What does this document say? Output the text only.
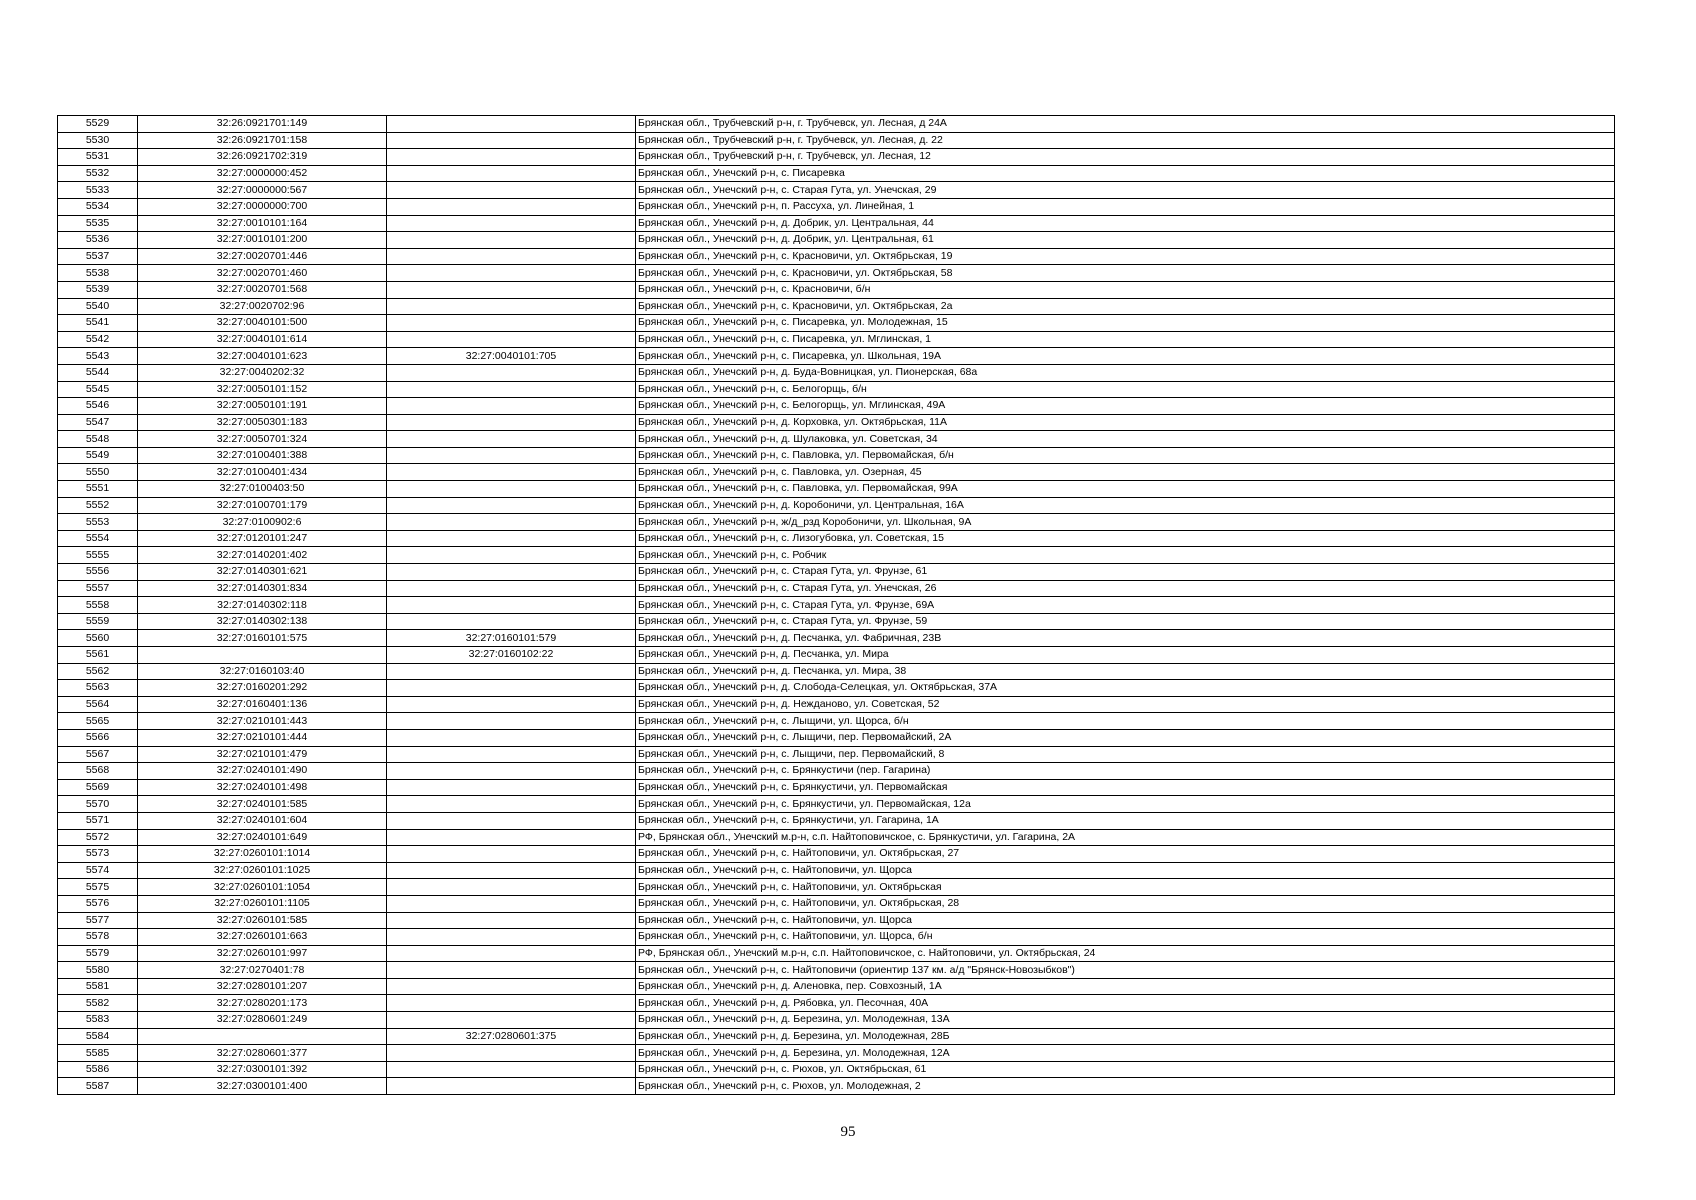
5529	32:26:0921701:149		Брянская обл., Трубчевский р-н, г. Трубчевск, ул. Лесная, д 24А
5530	32:26:0921701:158		Брянская обл., Трубчевский р-н, г. Трубчевск, ул. Лесная, д. 22
5531	32:26:0921702:319		Брянская обл., Трубчевский р-н, г. Трубчевск, ул. Лесная, 12
5532	32:27:0000000:452		Брянская обл., Унечский р-н, с. Писаревка
5533	32:27:0000000:567		Брянская обл., Унечский р-н, с. Старая Гута, ул. Унечская, 29
5534	32:27:0000000:700		Брянская обл., Унечский р-н, п. Рассуха, ул. Линейная, 1
5535	32:27:0010101:164		Брянская обл., Унечский р-н, д. Добрик, ул. Центральная, 44
5536	32:27:0010101:200		Брянская обл., Унечский р-н, д. Добрик, ул. Центральная, 61
5537	32:27:0020701:446		Брянская обл., Унечский р-н, с. Красновичи, ул. Октябрьская, 19
5538	32:27:0020701:460		Брянская обл., Унечский р-н, с. Красновичи, ул. Октябрьская, 58
5539	32:27:0020701:568		Брянская обл., Унечский р-н, с. Красновичи, б/н
5540	32:27:0020702:96		Брянская обл., Унечский р-н, с. Красновичи, ул. Октябрьская, 2а
5541	32:27:0040101:500		Брянская обл., Унечский р-н, с. Писаревка, ул. Молодежная, 15
5542	32:27:0040101:614		Брянская обл., Унечский р-н, с. Писаревка, ул. Мглинская, 1
5543	32:27:0040101:623	32:27:0040101:705	Брянская обл., Унечский р-н, с. Писаревка, ул. Школьная, 19А
5544	32:27:0040202:32		Брянская обл., Унечский р-н, д. Буда-Вовницкая, ул. Пионерская, 68а
5545	32:27:0050101:152		Брянская обл., Унечский р-н, с. Белогорщь, б/н
5546	32:27:0050101:191		Брянская обл., Унечский р-н, с. Белогорщь, ул. Мглинская, 49А
5547	32:27:0050301:183		Брянская обл., Унечский р-н, д. Корховка, ул. Октябрьская, 11А
5548	32:27:0050701:324		Брянская обл., Унечский р-н, д. Шулаковка, ул. Советская, 34
5549	32:27:0100401:388		Брянская обл., Унечский р-н, с. Павловка, ул. Первомайская, б/н
5550	32:27:0100401:434		Брянская обл., Унечский р-н, с. Павловка, ул. Озерная, 45
5551	32:27:0100403:50		Брянская обл., Унечский р-н, с. Павловка, ул. Первомайская, 99А
5552	32:27:0100701:179		Брянская обл., Унечский р-н, д. Коробоничи, ул. Центральная, 16А
5553	32:27:0100902:6		Брянская обл., Унечский р-н, ж/д_рзд Коробоничи, ул. Школьная, 9А
5554	32:27:0120101:247		Брянская обл., Унечский р-н, с. Лизогубовка, ул. Советская, 15
5555	32:27:0140201:402		Брянская обл., Унечский р-н, с. Робчик
5556	32:27:0140301:621		Брянская обл., Унечский р-н, с. Старая Гута, ул. Фрунзе, 61
5557	32:27:0140301:834		Брянская обл., Унечский р-н, с. Старая Гута, ул. Унечская, 26
5558	32:27:0140302:118		Брянская обл., Унечский р-н, с. Старая Гута, ул. Фрунзе, 69А
5559	32:27:0140302:138		Брянская обл., Унечский р-н, с. Старая Гута, ул. Фрунзе, 59
5560	32:27:0160101:575	32:27:0160101:579	Брянская обл., Унечский р-н, д. Песчанка, ул. Фабричная, 23В
5561		32:27:0160102:22	Брянская обл., Унечский р-н, д. Песчанка, ул. Мира
5562	32:27:0160103:40		Брянская обл., Унечский р-н, д. Песчанка, ул. Мира, 38
5563	32:27:0160201:292		Брянская обл., Унечский р-н, д. Слобода-Селецкая, ул. Октябрьская, 37А
5564	32:27:0160401:136		Брянская обл., Унечский р-н, д. Нежданово, ул. Советская, 52
5565	32:27:0210101:443		Брянская обл., Унечский р-н, с. Лыщичи, ул. Щорса, б/н
5566	32:27:0210101:444		Брянская обл., Унечский р-н, с. Лыщичи, пер. Первомайский, 2А
5567	32:27:0210101:479		Брянская обл., Унечский р-н, с. Лыщичи, пер. Первомайский, 8
5568	32:27:0240101:490		Брянская обл., Унечский р-н, с. Брянкустичи (пер. Гагарина)
5569	32:27:0240101:498		Брянская обл., Унечский р-н, с. Брянкустичи, ул. Первомайская
5570	32:27:0240101:585		Брянская обл., Унечский р-н, с. Брянкустичи, ул. Первомайская, 12а
5571	32:27:0240101:604		Брянская обл., Унечский р-н, с. Брянкустичи, ул. Гагарина, 1А
5572	32:27:0240101:649		РФ, Брянская обл., Унечский м.р-н, с.п. Найтоповичское, с. Брянкустичи, ул. Гагарина, 2А
5573	32:27:0260101:1014		Брянская обл., Унечский р-н, с. Найтоповичи, ул. Октябрьская, 27
5574	32:27:0260101:1025		Брянская обл., Унечский р-н, с. Найтоповичи, ул. Щорса
5575	32:27:0260101:1054		Брянская обл., Унечский р-н, с. Найтоповичи, ул. Октябрьская
5576	32:27:0260101:1105		Брянская обл., Унечский р-н, с. Найтоповичи, ул. Октябрьская, 28
5577	32:27:0260101:585		Брянская обл., Унечский р-н, с. Найтоповичи, ул. Щорса
5578	32:27:0260101:663		Брянская обл., Унечский р-н, с. Найтоповичи, ул. Щорса, б/н
5579	32:27:0260101:997		РФ, Брянская обл., Унечский м.р-н, с.п. Найтоповичское, с. Найтоповичи, ул. Октябрьская, 24
5580	32:27:0270401:78		Брянская обл., Унечский р-н, с. Найтоповичи (ориентир 137 км. а/д "Брянск-Новозыбков")
5581	32:27:0280101:207		Брянская обл., Унечский р-н, д. Аленовка, пер. Совхозный, 1А
5582	32:27:0280201:173		Брянская обл., Унечский р-н, д. Рябовка, ул. Песочная, 40А
5583	32:27:0280601:249		Брянская обл., Унечский р-н, д. Березина, ул. Молодежная, 13А
5584		32:27:0280601:375	Брянская обл., Унечский р-н, д. Березина, ул. Молодежная, 28Б
5585	32:27:0280601:377		Брянская обл., Унечский р-н, д. Березина, ул. Молодежная, 12А
5586	32:27:0300101:392		Брянская обл., Унечский р-н, с. Рюхов, ул. Октябрьская, 61
5587	32:27:0300101:400		Брянская обл., Унечский р-н, с. Рюхов, ул. Молодежная, 2
95
